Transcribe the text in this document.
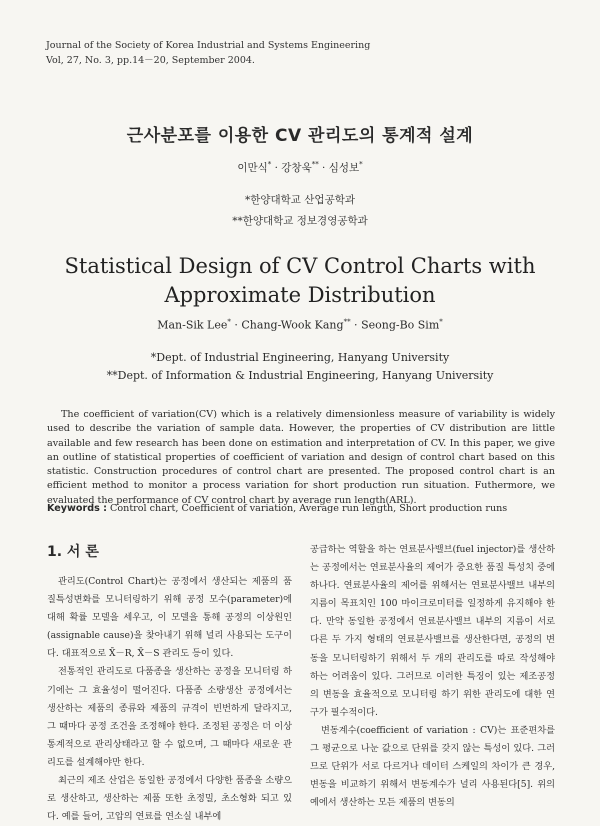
Journal of the Society of Korea Industrial and Systems Engineering
Vol, 27, No. 3, pp.14－20, September 2004.
근사분포를 이용한 CV 관리도의 통계적 설계
이만식* · 강창욱** · 심성보*
*한양대학교 산업공학과
**한양대학교 정보경영공학과
Statistical Design of CV Control Charts with
Approximate Distribution
Man-Sik Lee* · Chang-Wook Kang** · Seong-Bo Sim*
*Dept. of Industrial Engineering, Hanyang University
**Dept. of Information & Industrial Engineering, Hanyang University

The coefficient of variation(CV) which is a relatively dimensionless measure of variability is widely used to describe the variation of sample data. However, the properties of CV distribution are little available and few research has been done on estimation and interpretation of CV. In this paper, we give an outline of statistical properties of coefficient of variation and design of control chart based on this statistic. Construction procedures of control chart are presented. The proposed control chart is an efficient method to monitor a process variation for short production run situation. Futhermore, we evaluated the performance of CV control chart by average run length(ARL).

Keywords : Control chart, Coefficient of variation, Average run length, Short production runs
1. 서 론

관리도(Control Chart)는 공정에서 생산되는 제품의 품질특성변화를 모니터링하기 위해 공정 모수(parameter)에 대해 확률 모델을 세우고, 이 모델을 통해 공정의 이상원인(assignable cause)을 찾아내기 위해 널리 사용되는 도구이다. 대표적으로 X̄－R, X̄－S 관리도 등이 있다.

전통적인 관리도로 다품종을 생산하는 공정을 모니터링 하기에는 그 효율성이 떨어진다. 다품종 소량생산 공정에서는 생산하는 제품의 종류와 제품의 규격이 빈번하게 달라지고, 그 때마다 공정 조건을 조정해야 한다. 조정된 공정은 더 이상 통계적으로 관리상태라고 할 수 없으며, 그 때마다 새로운 관리도를 설계해야만 한다.

최근의 제조 산업은 동일한 공정에서 다양한 품종을 소량으로 생산하고, 생산하는 제품 또한 초정밀, 초소형화 되고 있다. 예를 들어, 고압의 연료를 연소실 내부에

공급하는 역할을 하는 연료분사밸브(fuel injector)를 생산하는 공정에서는 연료분사율의 제어가 중요한 품질 특성치 중에 하나다. 연료분사율의 제어를 위해서는 연료분사밸브 내부의 지름이 목표치인 100 마이크로미터를 일정하게 유지해야 한다. 만약 동일한 공정에서 연료분사밸브 내부의 지름이 서로 다른 두 가지 형태의 연료분사밸브를 생산한다면, 공정의 변동을 모니터링하기 위해서 두 개의 관리도를 따로 작성해야 하는 어려움이 있다. 그러므로 이러한 특징이 있는 제조공정의 변동을 효율적으로 모니터링 하기 위한 관리도에 대한 연구가 필수적이다.

변동계수(coefficient of variation : CV)는 표준편차를 그 평균으로 나눈 값으로 단위를 갖지 않는 특성이 있다. 그러므로 단위가 서로 다르거나 데이터 스케일의 차이가 큰 경우, 변동을 비교하기 위해서 변동계수가 널리 사용된다[5]. 위의 예에서 생산하는 모든 제품의 변동의
